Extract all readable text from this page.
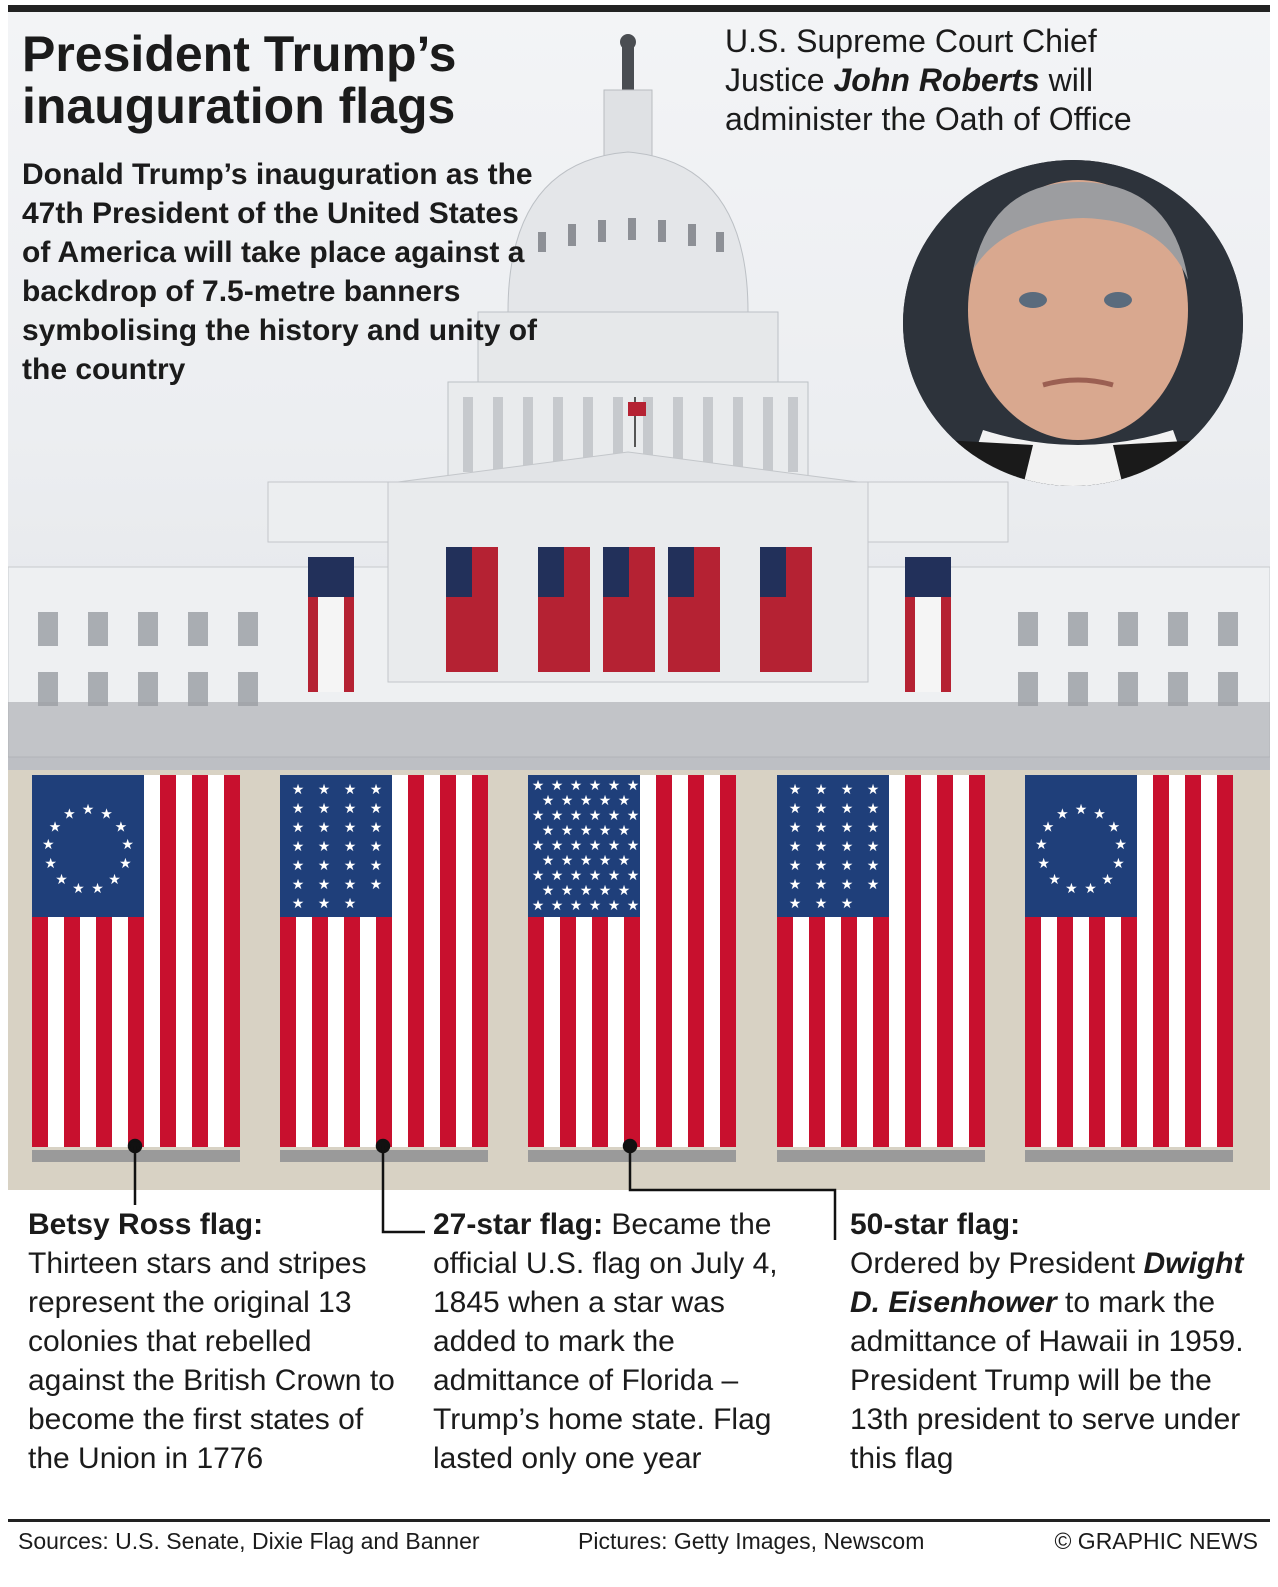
President Trump’s
inauguration flags
Donald Trump’s inauguration as the 47th President of the United States of America will take place against a backdrop of 7.5-metre banners symbolising the history and unity of the country
U.S. Supreme Court Chief Justice John Roberts will administer the Oath of Office
★ ★
★
★
★
★
★
★
★
★
★
★
★
★ ★ ★ ★
★ ★ ★ ★
★ ★ ★ ★
★ ★ ★ ★
★ ★ ★ ★
★ ★ ★ ★
★ ★ ★
★ ★ ★ ★ ★ ★
★ ★ ★ ★ ★
★ ★ ★ ★ ★ ★
★ ★ ★ ★ ★
★ ★ ★ ★ ★ ★
★ ★ ★ ★ ★
★ ★ ★ ★ ★ ★
★ ★ ★ ★ ★
★ ★ ★ ★ ★ ★
★ ★ ★ ★
★ ★ ★ ★
★ ★ ★ ★
★ ★ ★ ★
★ ★ ★ ★
★ ★ ★ ★
★ ★ ★
★ ★
★
★
★
★
★
★
★
★
★
★
★
Betsy Ross flag:
Thirteen stars and stripes represent the original 13 colonies that rebelled against the British Crown to become the first states of the Union in 1776
27-star flag: Became the official U.S. flag on July 4, 1845 when a star was added to mark the admittance of Florida – Trump’s home state. Flag lasted only one year
50-star flag:
Ordered by President Dwight D. Eisenhower to mark the admittance of Hawaii in 1959. President Trump will be the 13th president to serve under this flag
Sources: U.S. Senate, Dixie Flag and Banner	Pictures: Getty Images, Newscom	© GRAPHIC NEWS
